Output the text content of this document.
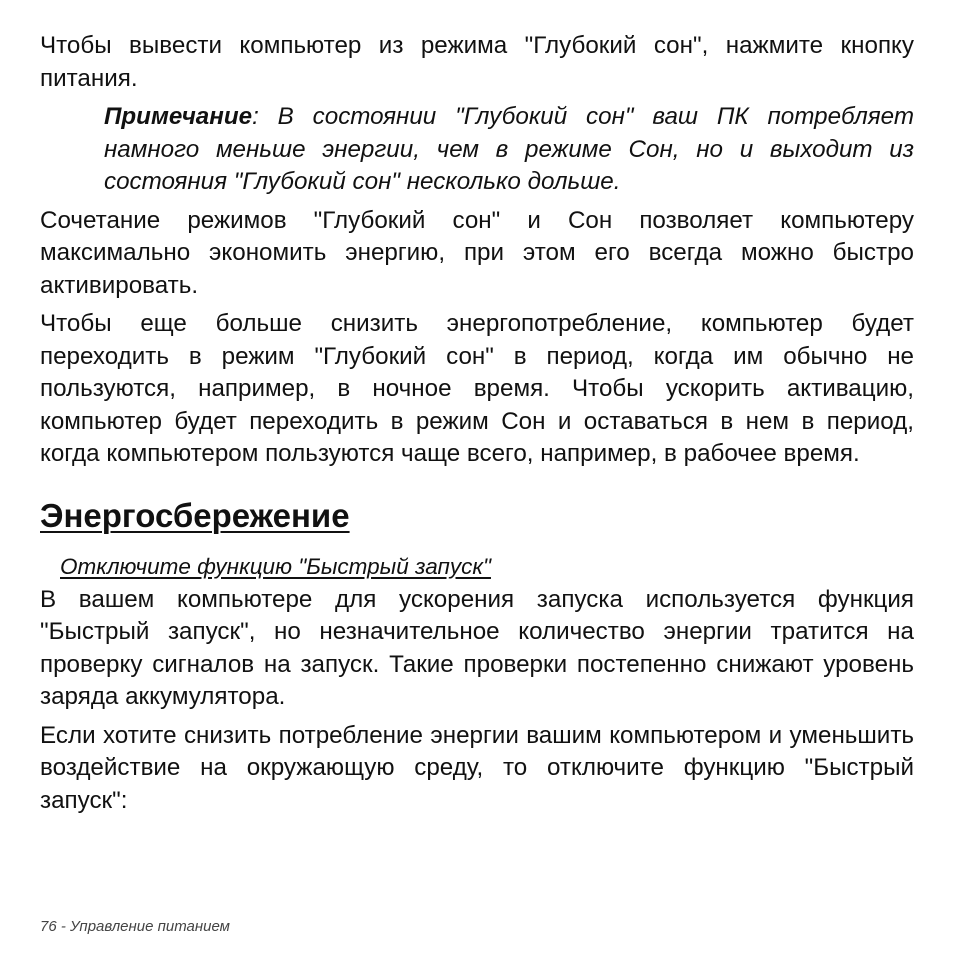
Чтобы вывести компьютер из режима "Глубокий сон", нажмите кнопку питания.

Примечание: В состоянии "Глубокий сон" ваш ПК потребляет намного меньше энергии, чем в режиме Сон, но и выходит из состояния "Глубокий сон" несколько дольше.

Сочетание режимов "Глубокий сон" и Сон позволяет компьютеру максимально экономить энергию, при этом его всегда можно быстро активировать.

Чтобы еще больше снизить энергопотребление, компьютер будет переходить в режим "Глубокий сон" в период, когда им обычно не пользуются, например, в ночное время. Чтобы ускорить активацию, компьютер будет переходить в режим Сон и оставаться в нем в период, когда компьютером пользуются чаще всего, например, в рабочее время.

Энергосбережение
Отключите функцию "Быстрый запуск"

В вашем компьютере для ускорения запуска используется функция "Быстрый запуск", но незначительное количество энергии тратится на проверку сигналов на запуск. Такие проверки постепенно снижают уровень заряда аккумулятора.

Если хотите снизить потребление энергии вашим компьютером и уменьшить воздействие на окружающую среду, то отключите функцию "Быстрый запуск":

76 - Управление питанием
